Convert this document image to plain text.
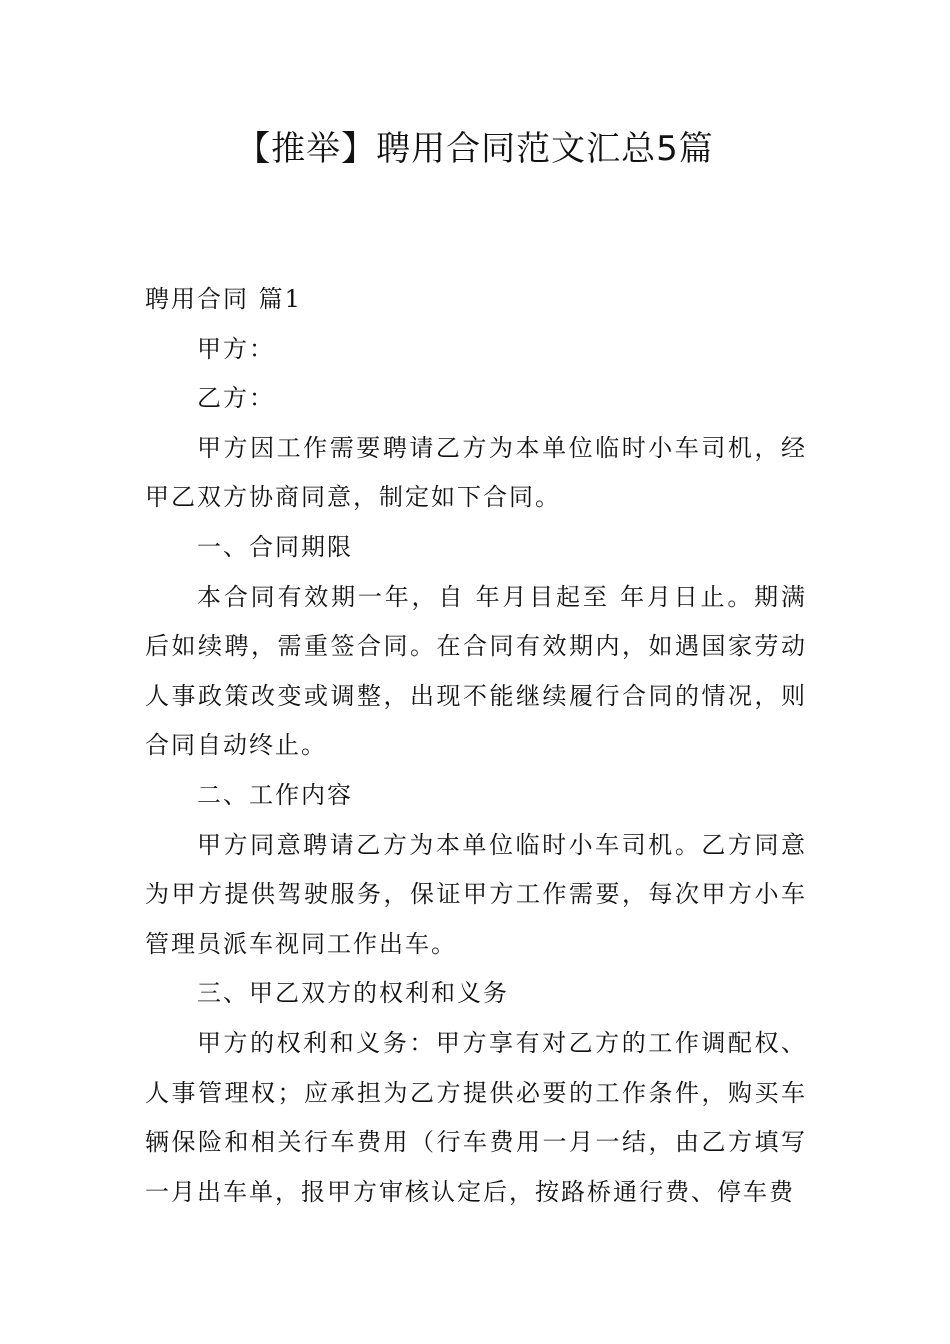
【推举】聘用合同范文汇总5篇

聘用合同 篇1

甲方：

乙方：

甲方因工作需要聘请乙方为本单位临时小车司机，经甲乙双方协商同意，制定如下合同。

一、合同期限

本合同有效期一年，自 年月目起至 年月日止。期满后如续聘，需重签合同。在合同有效期内，如遇国家劳动人事政策改变或调整，出现不能继续履行合同的情况，则合同自动终止。

二、工作内容

甲方同意聘请乙方为本单位临时小车司机。乙方同意为甲方提供驾驶服务，保证甲方工作需要，每次甲方小车管理员派车视同工作出车。

三、甲乙双方的权利和义务

甲方的权利和义务：甲方享有对乙方的工作调配权、人事管理权；应承担为乙方提供必要的工作条件，购买车辆保险和相关行车费用（行车费用一月一结，由乙方填写一月出车单，报甲方审核认定后，按路桥通行费、停车费
